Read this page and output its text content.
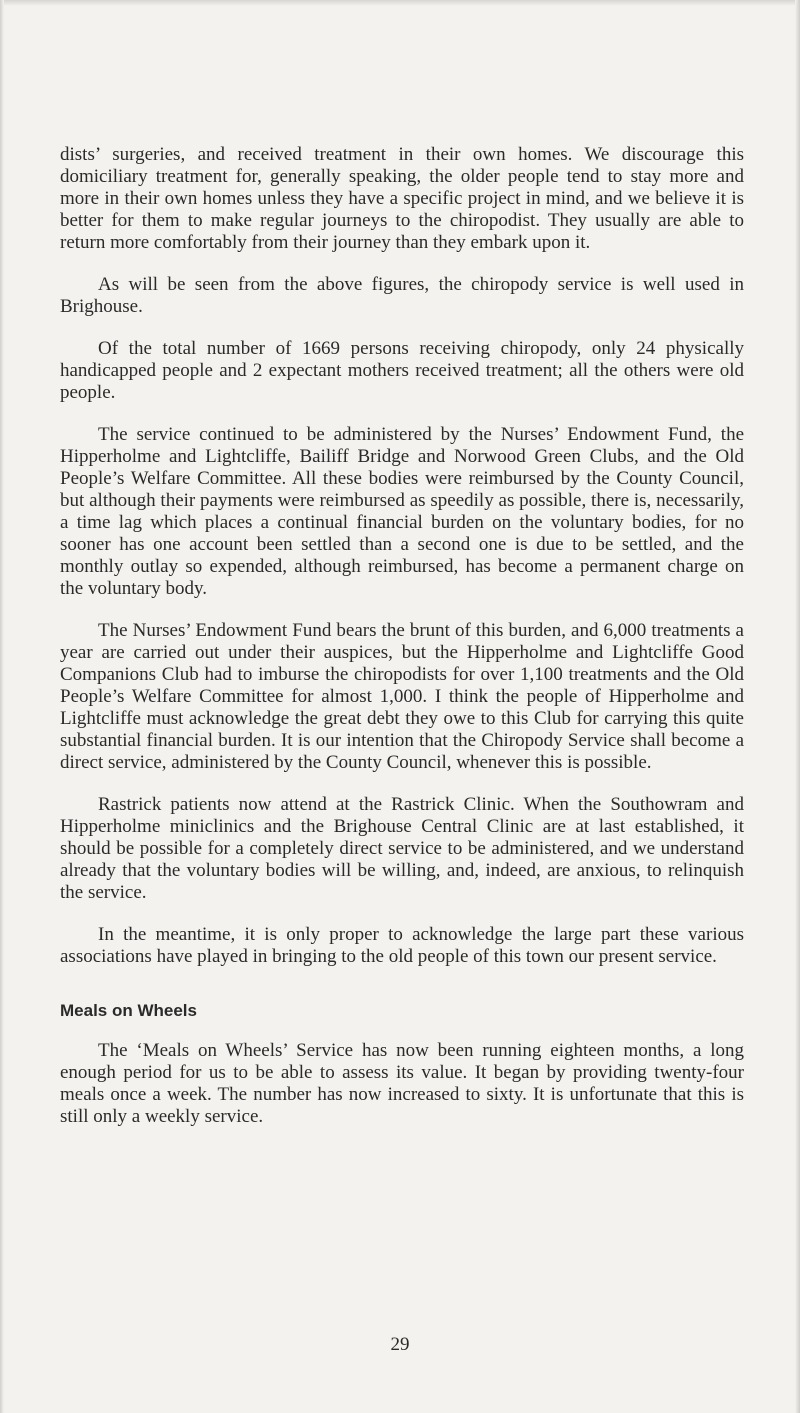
dists’ surgeries, and received treatment in their own homes. We discourage this domiciliary treatment for, generally speaking, the older people tend to stay more and more in their own homes unless they have a specific project in mind, and we believe it is better for them to make regular journeys to the chiropodist. They usually are able to return more comfortably from their journey than they embark upon it.

As will be seen from the above figures, the chiropody service is well used in Brighouse.

Of the total number of 1669 persons receiving chiropody, only 24 physically handicapped people and 2 expectant mothers received treatment; all the others were old people.

The service continued to be administered by the Nurses’ Endowment Fund, the Hipperholme and Lightcliffe, Bailiff Bridge and Norwood Green Clubs, and the Old People’s Welfare Committee. All these bodies were reimbursed by the County Council, but although their payments were reimbursed as speedily as possible, there is, necessarily, a time lag which places a continual financial burden on the voluntary bodies, for no sooner has one account been settled than a second one is due to be settled, and the monthly outlay so expended, although reimbursed, has become a permanent charge on the voluntary body.

The Nurses’ Endowment Fund bears the brunt of this burden, and 6,000 treatments a year are carried out under their auspices, but the Hipperholme and Lightcliffe Good Companions Club had to imburse the chiropodists for over 1,100 treatments and the Old People’s Welfare Committee for almost 1,000. I think the people of Hipperholme and Lightcliffe must acknowledge the great debt they owe to this Club for carrying this quite substantial financial burden. It is our intention that the Chiropody Service shall become a direct service, administered by the County Council, whenever this is possible.

Rastrick patients now attend at the Rastrick Clinic. When the Southowram and Hipperholme miniclinics and the Brighouse Central Clinic are at last established, it should be possible for a completely direct service to be administered, and we understand already that the voluntary bodies will be willing, and, indeed, are anxious, to relinquish the service.

In the meantime, it is only proper to acknowledge the large part these various associations have played in bringing to the old people of this town our present service.

Meals on Wheels

The ‘Meals on Wheels’ Service has now been running eighteen months, a long enough period for us to be able to assess its value. It began by providing twenty-four meals once a week. The number has now increased to sixty. It is unfortunate that this is still only a weekly service.

29
